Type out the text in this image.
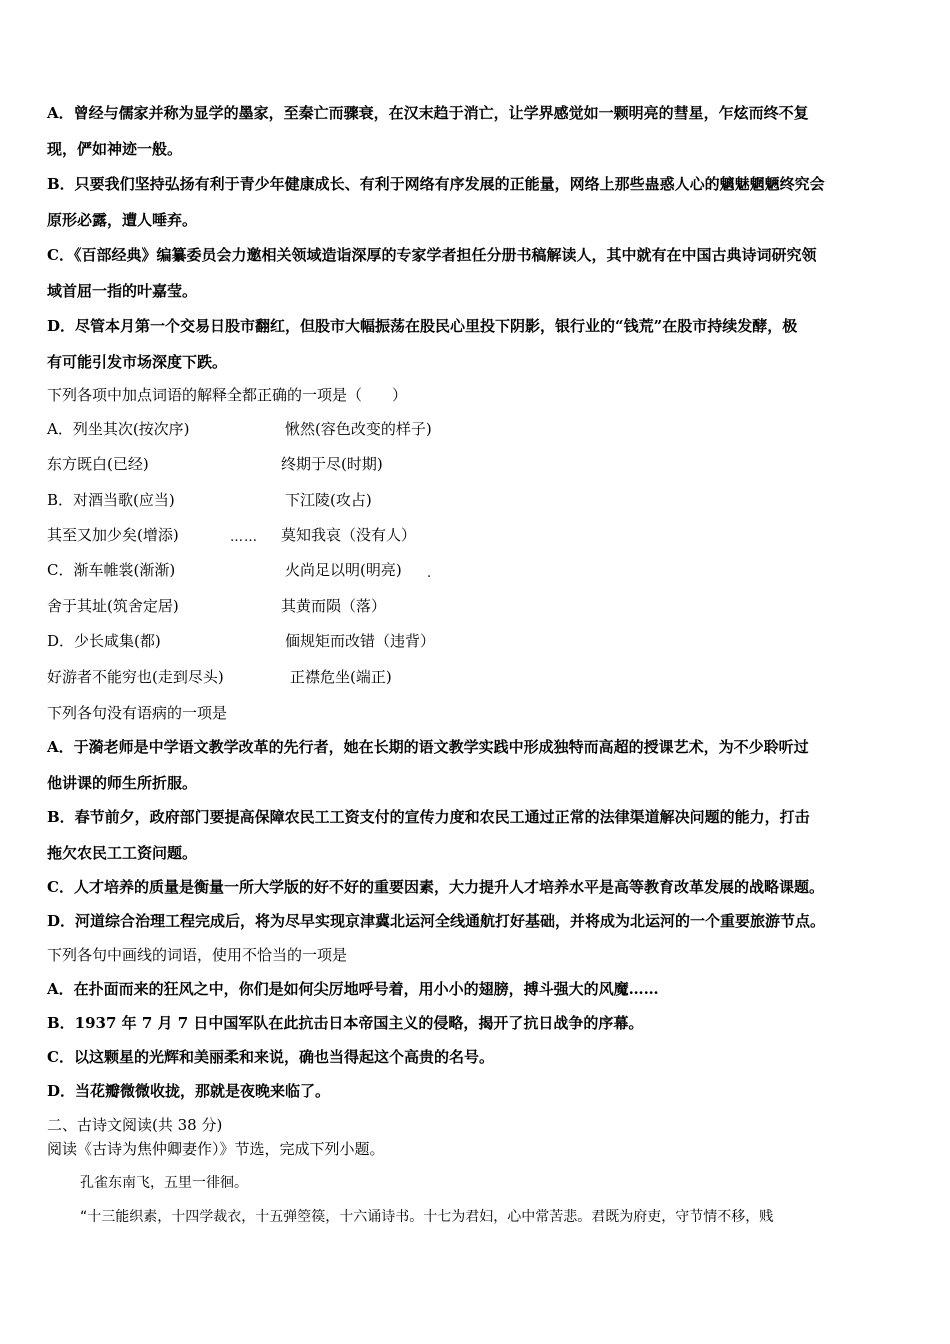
A．曾经与儒家并称为显学的墨家，至秦亡而骤衰，在汉末趋于消亡，让学界感觉如一颗明亮的彗星，乍炫而终不复
现，俨如神迹一般。
B．只要我们坚持弘扬有利于青少年健康成长、有利于网络有序发展的正能量，网络上那些蛊惑人心的魑魅魍魉终究会
原形必露，遭人唾弃。
C．《百部经典》编纂委员会力邀相关领域造诣深厚的专家学者担任分册书稿解读人，其中就有在中国古典诗词研究领
域首屈一指的叶嘉莹。
D．尽管本月第一个交易日股市翻红，但股市大幅振荡在股民心里投下阴影，银行业的“钱荒”在股市持续发酵，极
有可能引发市场深度下跌。
下列各项中加点词语的解释全都正确的一项是（　　）
A．列坐其次(按次序)	愀然(容色改变的样子)
东方既白(已经)	终期于尽(时期)
B．对酒当歌(应当)	下江陵(攻占)
其至又加少矣(增添)	…… 莫知我哀（没有人）
C．渐车帷裳(渐渐)	火尚足以明(明亮) .
舍于其址(筑舍定居)	其黄而陨（落）
D．少长咸集(都)	偭规矩而改错（违背）
好游者不能穷也(走到尽头)	正襟危坐(端正)
下列各句没有语病的一项是
A．于漪老师是中学语文教学改革的先行者，她在长期的语文教学实践中形成独特而高超的授课艺术，为不少聆听过
他讲课的师生所折服。
B．春节前夕，政府部门要提高保障农民工工资支付的宣传力度和农民工通过正常的法律渠道解决问题的能力，打击
拖欠农民工工资问题。
C．人才培养的质量是衡量一所大学版的好不好的重要因素，大力提升人才培养水平是高等教育改革发展的战略课题。
D．河道综合治理工程完成后，将为尽早实现京津冀北运河全线通航打好基础，并将成为北运河的一个重要旅游节点。
下列各句中画线的词语，使用不恰当的一项是
A．在扑面而来的狂风之中，你们是如何尖厉地呼号着，用小小的翅膀，搏斗强大的风魔……
B．1937 年 7 月 7 日中国军队在此抗击日本帝国主义的侵略，揭开了抗日战争的序幕。
C．以这颗星的光辉和美丽柔和来说，确也当得起这个高贵的名号。
D．当花瓣微微收拢，那就是夜晚来临了。
二、古诗文阅读(共 38 分)
阅读《古诗为焦仲卿妻作）》节选，完成下列小题。
孔雀东南飞，五里一徘徊。
“十三能织素，十四学裁衣，十五弹箜篌，十六诵诗书。十七为君妇，心中常苦悲。君既为府吏，守节情不移，贱
